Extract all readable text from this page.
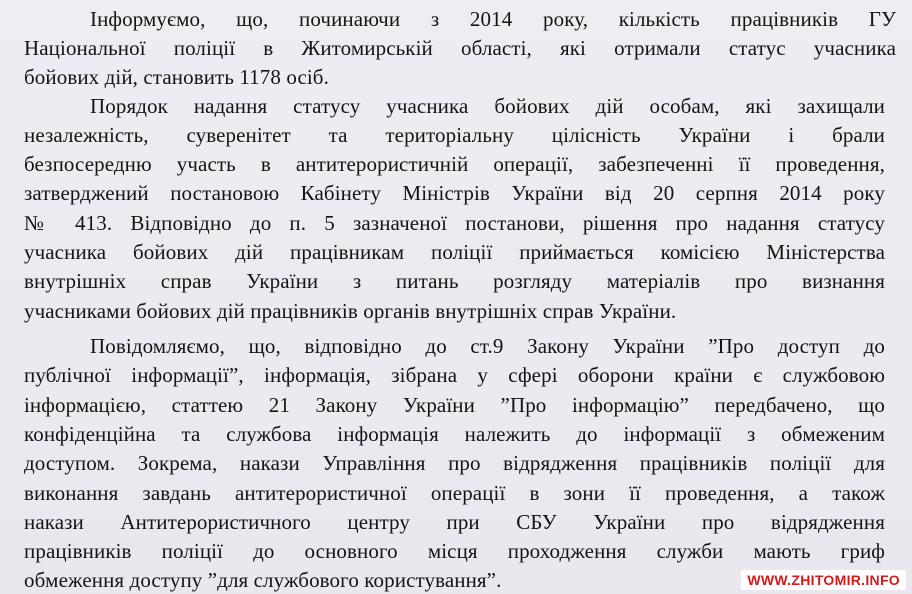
Інформуємо, що, починаючи з 2014 року, кількість працівників ГУ
Національної поліції в Житомирській області, які отримали статус учасника
бойових дій, становить 1178 осіб.
Порядок надання статусу учасника бойових дій особам, які захищали
незалежність, суверенітет та територіальну цілісність України і брали
безпосередню участь в антитерористичній операції, забезпеченні її проведення,
затверджений постановою Кабінету Міністрів України від 20 серпня 2014 року
№ 413. Відповідно до п. 5 зазначеної постанови, рішення про надання статусу
учасника бойових дій працівникам поліції приймається комісією Міністерства
внутрішніх справ України з питань розгляду матеріалів про визнання
учасниками бойових дій працівників органів внутрішніх справ України.
Повідомляємо, що, відповідно до ст.9 Закону України ”Про доступ до
публічної інформації”, інформація, зібрана у сфері оборони країни є службовою
інформацією, статтею 21 Закону України ”Про інформацію” передбачено, що
конфіденційна та службова інформація належить до інформації з обмеженим
доступом. Зокрема, накази Управління про відрядження працівників поліції для
виконання завдань антитерористичної операції в зони її проведення, а також
накази Антитерористичного центру при СБУ України про відрядження
працівників поліції до основного місця проходження служби мають гриф
обмеження доступу ”для службового користування”.	WWW.ZHITOMIR.INFO
